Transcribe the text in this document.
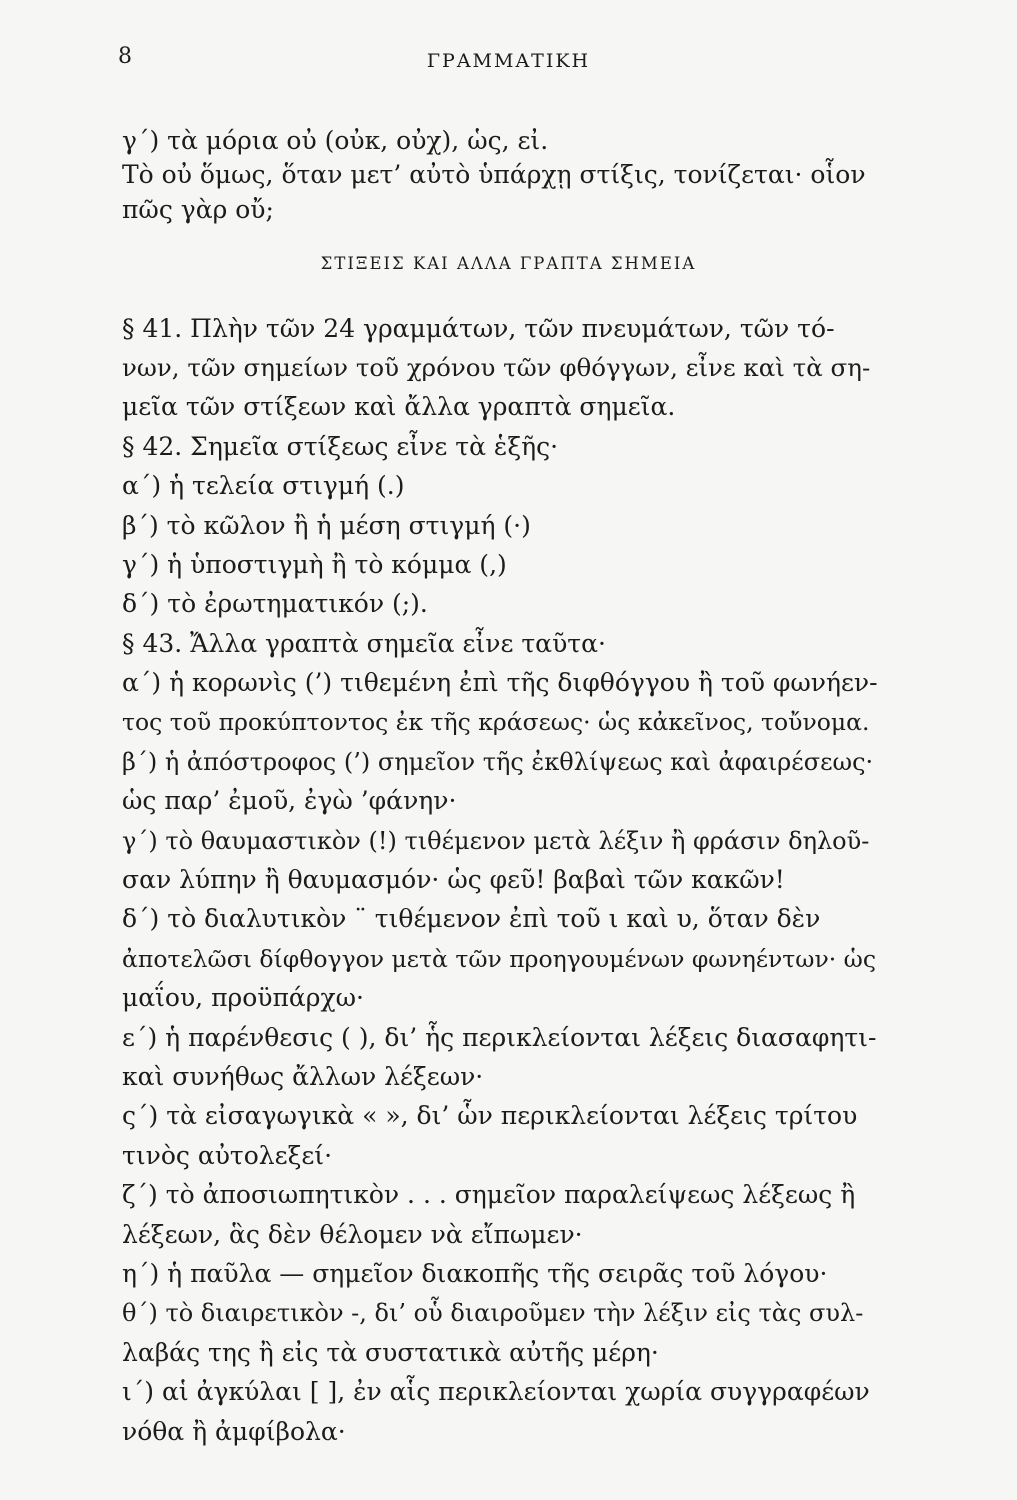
8	ΓΡΑΜΜΑΤΙΚΗ
γ΄) τὰ μόρια οὐ (οὐκ, οὐχ), ὡς, εἰ.
Τὸ οὐ ὅμως, ὅταν μετ’ αὐτὸ ὑπάρχῃ στίξις, τονίζεται· οἷον
πῶς γὰρ οὔ;
ΣΤΙΞΕΙΣ ΚΑΙ ΑΛΛΑ ΓΡΑΠΤΑ ΣΗΜΕΙΑ
§ 41. Πλὴν τῶν 24 γραμμάτων, τῶν πνευμάτων, τῶν τό-
νων, τῶν σημείων τοῦ χρόνου τῶν φθόγγων, εἶνε καὶ τὰ ση-
μεῖα τῶν στίξεων καὶ ἄλλα γραπτὰ σημεῖα.
§ 42. Σημεῖα στίξεως εἶνε τὰ ἑξῆς·
α΄) ἡ τελεία στιγμή (.)
β΄) τὸ κῶλον ἢ ἡ μέση στιγμή (·)
γ΄) ἡ ὑποστιγμὴ ἢ τὸ κόμμα (,)
δ΄) τὸ ἐρωτηματικόν (;).
§ 43. Ἄλλα γραπτὰ σημεῖα εἶνε ταῦτα·
α΄) ἡ κορωνὶς (’) τιθεμένη ἐπὶ τῆς διφθόγγου ἢ τοῦ φωνήεν-
τος τοῦ προκύπτοντος ἐκ τῆς κράσεως· ὡς κἀκεῖνος, τοὔνομα.
β΄) ἡ ἀπόστροφος (’) σημεῖον τῆς ἐκθλίψεως καὶ ἀφαιρέσεως·
ὡς παρ’ ἐμοῦ, ἐγὼ ’φάνην·
γ΄) τὸ θαυμαστικὸν (!) τιθέμενον μετὰ λέξιν ἢ φράσιν δηλοῦ-
σαν λύπην ἢ θαυμασμόν· ὡς φεῦ! βαβαὶ τῶν κακῶν!
δ΄) τὸ διαλυτικὸν ¨ τιθέμενον ἐπὶ τοῦ ι καὶ υ, ὅταν δὲν
ἀποτελῶσι δίφθογγον μετὰ τῶν προηγουμένων φωνηέντων· ὡς
μαΐου, προϋπάρχω·
ε΄) ἡ παρένθεσις ( ), δι’ ἧς περικλείονται λέξεις διασαφητι-
καὶ συνήθως ἄλλων λέξεων·
ς΄) τὰ εἰσαγωγικὰ « », δι’ ὧν περικλείονται λέξεις τρίτου
τινὸς αὐτολεξεί·
ζ΄) τὸ ἀποσιωπητικὸν . . . σημεῖον παραλείψεως λέξεως ἢ
λέξεων, ἃς δὲν θέλομεν νὰ εἴπωμεν·
η΄) ἡ παῦλα — σημεῖον διακοπῆς τῆς σειρᾶς τοῦ λόγου·
θ΄) τὸ διαιρετικὸν -, δι’ οὗ διαιροῦμεν τὴν λέξιν εἰς τὰς συλ-
λαβάς της ἢ εἰς τὰ συστατικὰ αὐτῆς μέρη·
ι΄) αἱ ἀγκύλαι [ ], ἐν αἷς περικλείονται χωρία συγγραφέων
νόθα ἢ ἀμφίβολα·
